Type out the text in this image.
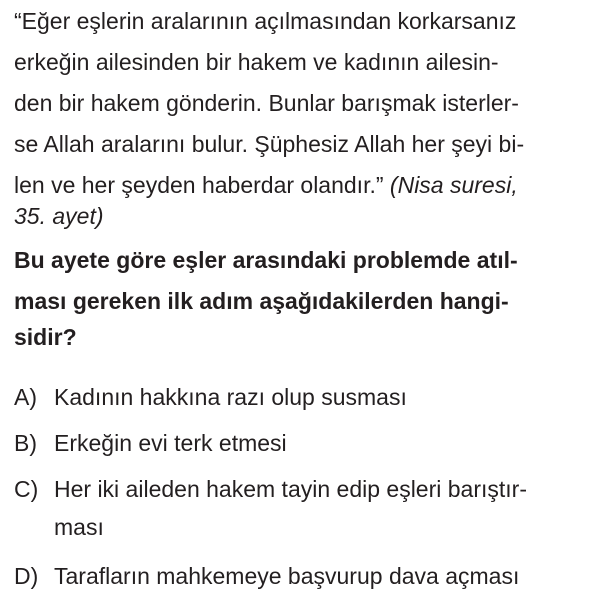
“Eğer eşlerin aralarının açılmasından korkarsanız
erkeğin ailesinden bir hakem ve kadının ailesin-
den bir hakem gönderin. Bunlar barışmak isterler-
se Allah aralarını bulur. Şüphesiz Allah her şeyi bi-
len ve her şeyden haberdar olandır.” (Nisa suresi,
35. ayet)
Bu ayete göre eşler arasındaki problemde atıl-
ması gereken ilk adım aşağıdakilerden hangi-
sidir?
A) Kadının hakkına razı olup susması
B) Erkeğin evi terk etmesi
C) Her iki aileden hakem tayin edip eşleri barıştır-
ması
D) Tarafların mahkemeye başvurup dava açması
